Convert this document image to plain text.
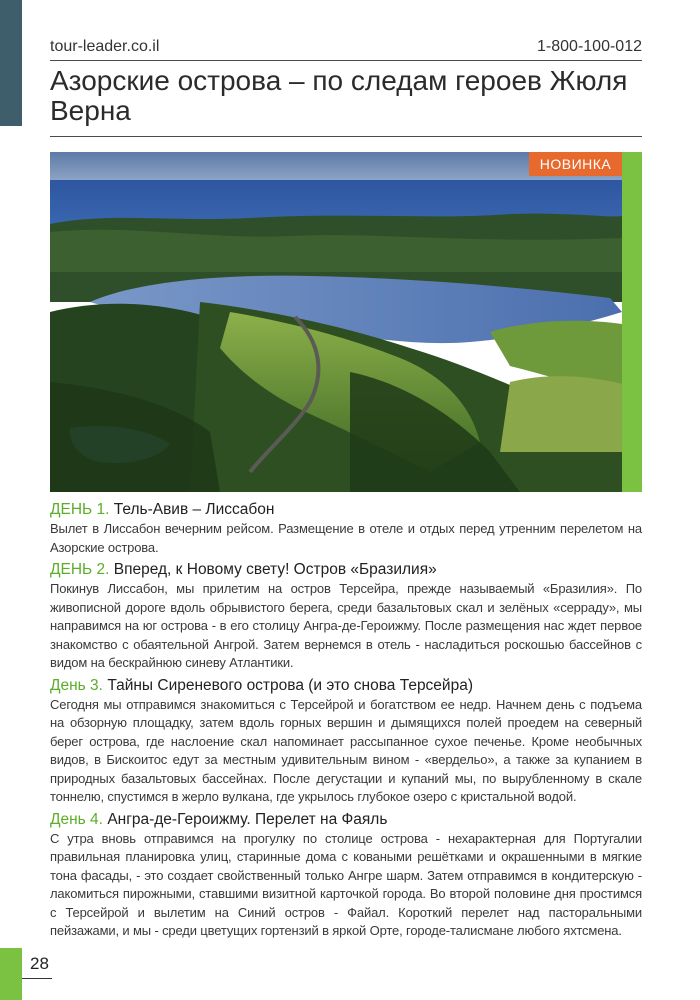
tour-leader.co.il	1-800-100-012
Азорские острова – по следам героев Жюля Верна
НОВИНКА

ДЕНЬ 1. Тель-Авив – Лиссабон

Вылет в Лиссабон вечерним рейсом. Размещение в отеле и отдых перед утренним перелетом на Азорские острова.

ДЕНЬ 2. Вперед, к Новому свету! Остров «Бразилия»

Покинув Лиссабон, мы прилетим на остров Терсейра, прежде называемый «Бразилия». По живописной дороге вдоль обрывистого берега, среди базальтовых скал и зелёных «серраду», мы направимся на юг острова - в его столицу Ангра-де-Героижму. После размещения нас ждет первое знакомство с обаятельной Ангрой. Затем вернемся в отель - насладиться роскошью бассейнов с видом на бескрайнюю синеву Атлантики.

День 3. Тайны Сиреневого острова (и это снова Терсейра)

Сегодня мы отправимся знакомиться с Терсейрой и богатством ее недр. Начнем день с подъема на обзорную площадку, затем вдоль горных вершин и дымящихся полей проедем на северный берег острова, где наслоение скал напоминает рассыпанное сухое печенье. Кроме необычных видов, в Бискоитос едут за местным удивительным вином - «вердельо», а также за купанием в природных базальтовых бассейнах. После дегустации и купаний мы, по вырубленному в скале тоннелю, спустимся в жерло вулкана, где укрылось глубокое озеро с кристальной водой.

День 4. Ангра-де-Героижму. Перелет на Фаяль

С утра вновь отправимся на прогулку по столице острова - нехарактерная для Португалии правильная планировка улиц, старинные дома с коваными решётками и окрашенными в мягкие тона фасады, - это создает свойственный только Ангре шарм. Затем отправимся в кондитерскую - лакомиться пирожными, ставшими визитной карточкой города. Во второй половине дня простимся с Терсейрой и вылетим на Синий остров - Файал. Короткий перелет над пасторальными пейзажами, и мы - среди цветущих гортензий в яркой Орте, городе-талисмане любого яхтсмена.

28
